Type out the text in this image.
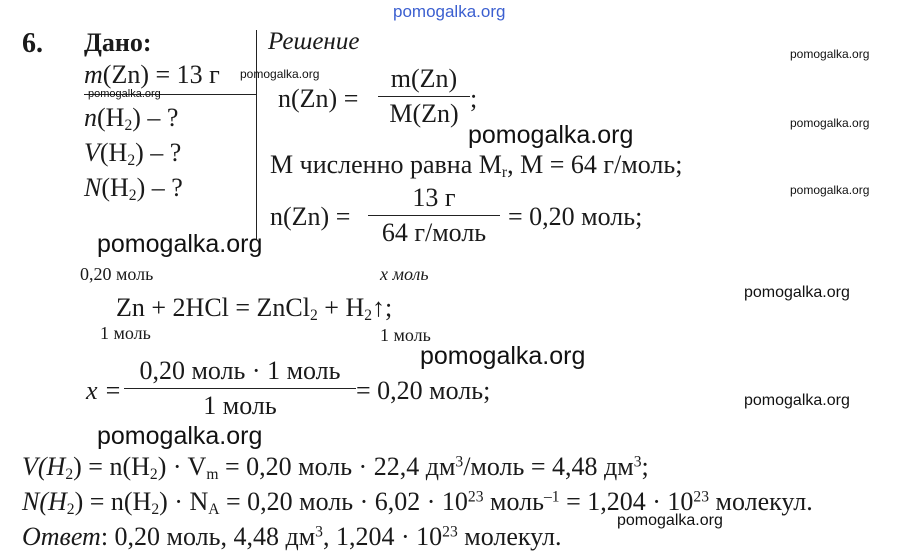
pomogalka.org
6. Дано:	Решение
m(Zn) = 13 г
$n(H_2)$ – ?
$V(H_2)$ – ?
$N(H_2)$ – ?
n(Zn) =
m(Zn)
M(Zn)
;
M численно равна $M_r$, M = 64 г/моль;
n(Zn) =
13 г
64 г/моль
= 0,20 моль;
0,20 моль	x моль
Zn + 2HCl = ZnCl$_2$ + $H_2↑$;
1 моль	1 моль
x =
0,20 моль · 1 моль
1 моль
= 0,20 моль;
$V(H_2) = n(H_2) \cdot V_m = 0,20$ моль · 22,4 $дм^3$/моль = 4,48 $дм^3$;
$N(H_2) = n(H_2) \cdot N_A = 0,20$ моль · $6,02 \cdot 10^{23}$ моль$^{-1}$ = $1,204 \cdot 10^{23}$ молекул.
Ответ: 0,20 моль, 4,48 $дм^3$, $1,204 \cdot 10^{23}$ молекул.
pomogalka.org
pomogalka.org
pomogalka.org
pomogalka.org
pomogalka.org
pomogalka.org
pomogalka.org
pomogalka.org
pomogalka.org
pomogalka.org
pomogalka.org
pomogalka.org
